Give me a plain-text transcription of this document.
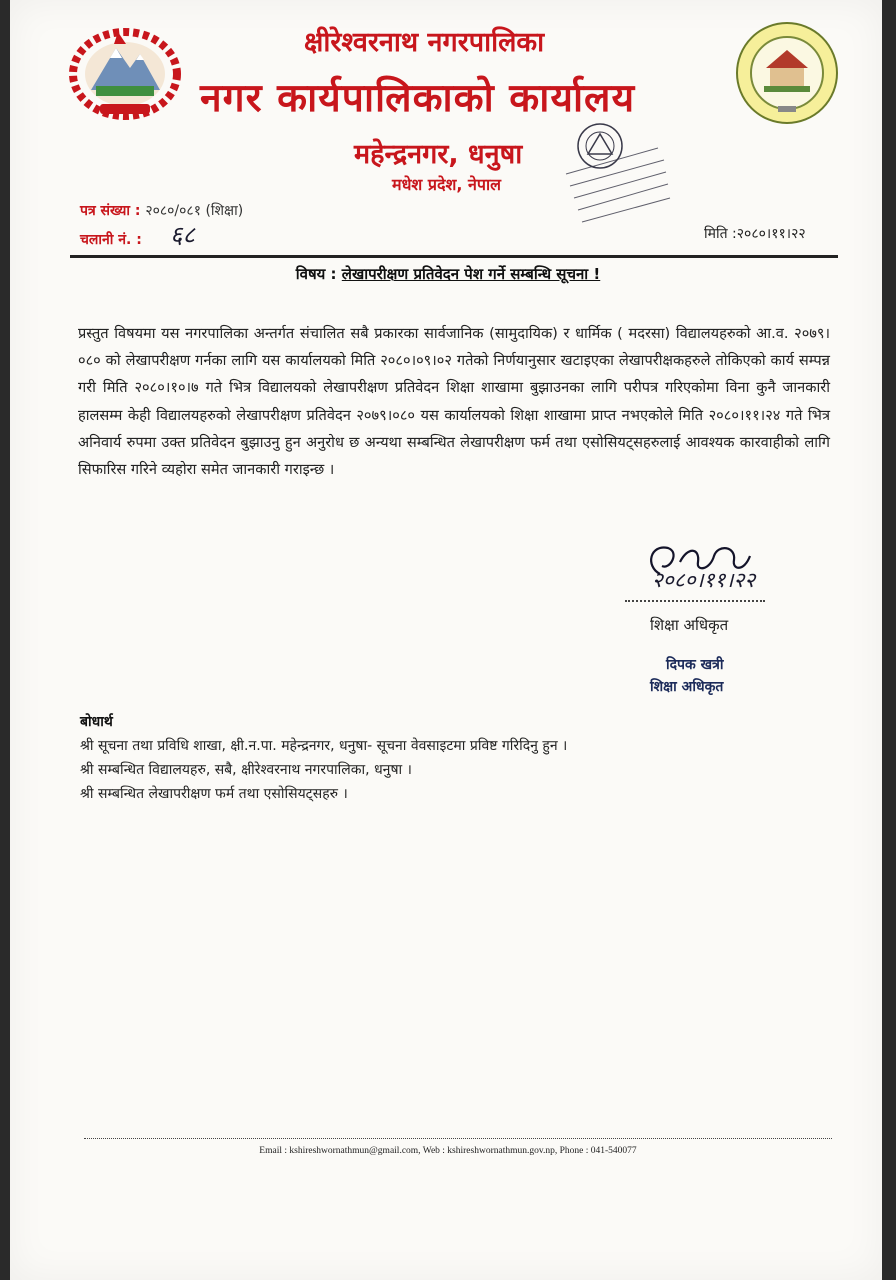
क्षीरेश्वरनाथ नगरपालिका
नगर कार्यपालिकाको कार्यालय
महेन्द्रनगर, धनुषा
मधेश प्रदेश, नेपाल
पत्र संख्या : २०८०/०८१ (शिक्षा)
चलानी नं. : ६८	मिति :२०८०।११।२२
विषय : लेखापरीक्षण प्रतिवेदन पेश गर्ने सम्बन्धि सूचना !
प्रस्तुत विषयमा यस नगरपालिका अन्तर्गत संचालित सबै प्रकारका सार्वजानिक (सामुदायिक) र धार्मिक ( मदरसा) विद्यालयहरुको आ.व. २०७९।०८० को लेखापरीक्षण गर्नका लागि यस कार्यालयको मिति २०८०।०९।०२ गतेको निर्णयानुसार खटाइएका लेखापरीक्षकहरुले तोकिएको कार्य सम्पन्न गरी मिति २०८०।१०।७ गते भित्र विद्यालयको लेखापरीक्षण प्रतिवेदन शिक्षा शाखामा बुझाउनका लागि परीपत्र गरिएकोमा विना कुनै जानकारी हालसम्म केही विद्यालयहरुको लेखापरीक्षण प्रतिवेदन २०७९।०८० यस कार्यालयको शिक्षा शाखामा प्राप्त नभएकोले मिति २०८०।११।२४ गते भित्र अनिवार्य रुपमा उक्त प्रतिवेदन बुझाउनु हुन अनुरोध छ अन्यथा सम्बन्धित लेखापरीक्षण फर्म तथा एसोसियट्सहरुलाई आवश्यक कारवाहीको लागि सिफारिस गरिने व्यहोरा समेत जानकारी गराइन्छ ।
२०८०।११।२२
शिक्षा अधिकृत
दिपक खत्री
शिक्षा अधिकृत
बोधार्थ
श्री सूचना तथा प्रविधि शाखा, क्षी.न.पा. महेन्द्रनगर, धनुषा- सूचना वेवसाइटमा प्रविष्ट गरिदिनु हुन ।
श्री सम्बन्धित विद्यालयहरु, सबै, क्षीरेश्वरनाथ नगरपालिका, धनुषा ।
श्री सम्बन्धित लेखापरीक्षण फर्म तथा एसोसियट्सहरु ।
Email : kshireshwornathmun@gmail.com, Web : kshireshwornathmun.gov.np, Phone : 041-540077
